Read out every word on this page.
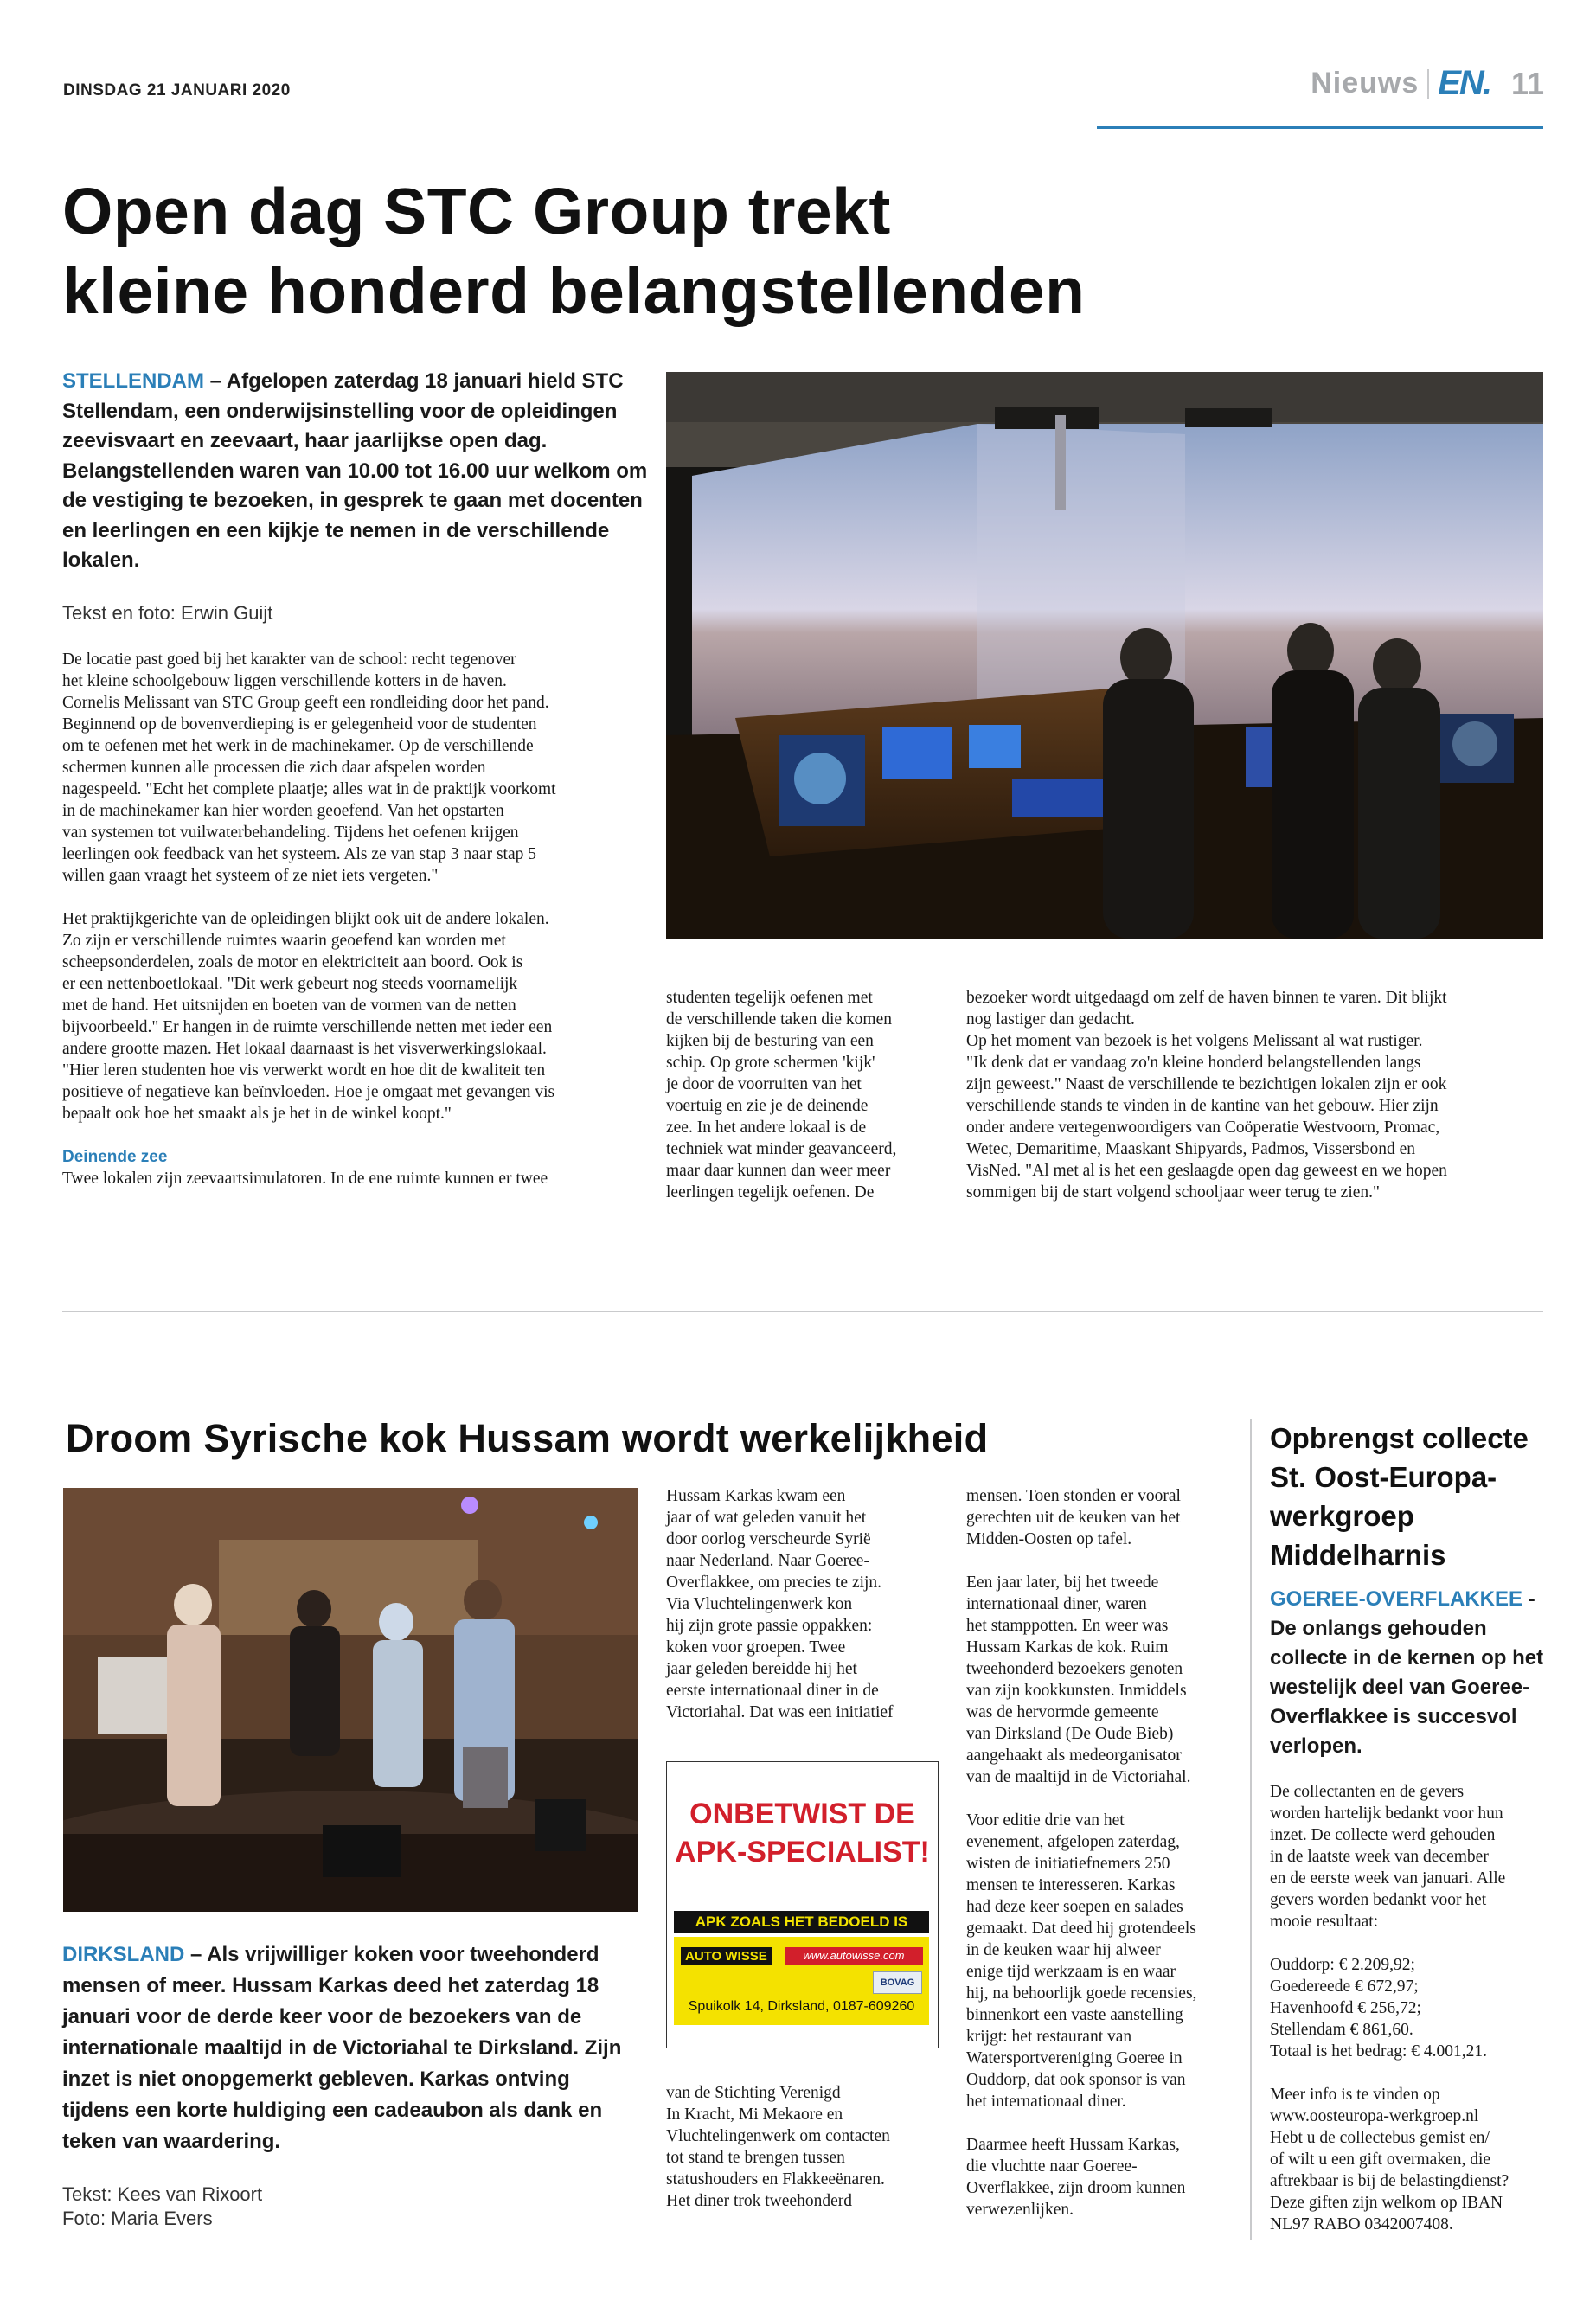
DINSDAG 21 JANUARI 2020	Nieuws EN. 11
Open dag STC Group trekt
kleine honderd belangstellenden
STELLENDAM – Afgelopen zaterdag 18 januari hield STC Stellendam, een onderwijsinstelling voor de opleidingen zeevisvaart en zeevaart, haar jaarlijkse open dag. Belangstellenden waren van 10.00 tot 16.00 uur welkom om de vestiging te bezoeken, in gesprek te gaan met docenten en leerlingen en een kijkje te nemen in de verschillende lokalen.
Tekst en foto: Erwin Guijt

De locatie past goed bij het karakter van de school: recht tegenover
het kleine schoolgebouw liggen verschillende kotters in de haven.
Cornelis Melissant van STC Group geeft een rondleiding door het pand.
Beginnend op de bovenverdieping is er gelegenheid voor de studenten
om te oefenen met het werk in de machinekamer. Op de verschillende
schermen kunnen alle processen die zich daar afspelen worden
nagespeeld. "Echt het complete plaatje; alles wat in de praktijk voorkomt
in de machinekamer kan hier worden geoefend. Van het opstarten
van systemen tot vuilwaterbehandeling. Tijdens het oefenen krijgen
leerlingen ook feedback van het systeem. Als ze van stap 3 naar stap 5
willen gaan vraagt het systeem of ze niet iets vergeten."

Het praktijkgerichte van de opleidingen blijkt ook uit de andere lokalen.
Zo zijn er verschillende ruimtes waarin geoefend kan worden met
scheepsonderdelen, zoals de motor en elektriciteit aan boord. Ook is
er een nettenboetlokaal. "Dit werk gebeurt nog steeds voornamelijk
met de hand. Het uitsnijden en boeten van de vormen van de netten
bijvoorbeeld." Er hangen in de ruimte verschillende netten met ieder een
andere grootte mazen. Het lokaal daarnaast is het visverwerkingslokaal.
"Hier leren studenten hoe vis verwerkt wordt en hoe dit de kwaliteit ten
positieve of negatieve kan beïnvloeden. Hoe je omgaat met gevangen vis
bepaalt ook hoe het smaakt als je het in de winkel koopt."

Deinende zee
Twee lokalen zijn zeevaartsimulatoren. In de ene ruimte kunnen er twee
studenten tegelijk oefenen met
de verschillende taken die komen
kijken bij de besturing van een
schip. Op grote schermen 'kijk'
je door de voorruiten van het
voertuig en zie je de deinende
zee. In het andere lokaal is de
techniek wat minder geavanceerd,
maar daar kunnen dan weer meer
leerlingen tegelijk oefenen. De

bezoeker wordt uitgedaagd om zelf de haven binnen te varen. Dit blijkt
nog lastiger dan gedacht.
Op het moment van bezoek is het volgens Melissant al wat rustiger.
"Ik denk dat er vandaag zo'n kleine honderd belangstellenden langs
zijn geweest." Naast de verschillende te bezichtigen lokalen zijn er ook
verschillende stands te vinden in de kantine van het gebouw. Hier zijn
onder andere vertegenwoordigers van Coöperatie Westvoorn, Promac,
Wetec, Demaritime, Maaskant Shipyards, Padmos, Vissersbond en
VisNed. "Al met al is het een geslaagde open dag geweest en we hopen
sommigen bij de start volgend schooljaar weer terug te zien."

Droom Syrische kok Hussam wordt werkelijkheid
DIRKSLAND – Als vrijwilliger koken voor tweehonderd mensen of meer. Hussam Karkas deed het zaterdag 18 januari voor de derde keer voor de bezoekers van de internationale maaltijd in de Victoriahal te Dirksland. Zijn inzet is niet onopgemerkt gebleven. Karkas ontving tijdens een korte huldiging een cadeaubon als dank en teken van waardering.
Tekst: Kees van Rixoort
Foto: Maria Evers
Hussam Karkas kwam een
jaar of wat geleden vanuit het
door oorlog verscheurde Syrië
naar Nederland. Naar Goeree-
Overflakkee, om precies te zijn.
Via Vluchtelingenwerk kon
hij zijn grote passie oppakken:
koken voor groepen. Twee
jaar geleden bereidde hij het
eerste internationaal diner in de
Victoriahal. Dat was een initiatief
ONBETWIST DE
APK-SPECIALIST!
APK ZOALS HET BEDOELD IS
AUTO WISSE	www.autowisse.com
BOVAG
Spuikolk 14, Dirksland, 0187-609260
van de Stichting Verenigd
In Kracht, Mi Mekaore en
Vluchtelingenwerk om contacten
tot stand te brengen tussen
statushouders en Flakkeeënaren.
Het diner trok tweehonderd

mensen. Toen stonden er vooral
gerechten uit de keuken van het
Midden-Oosten op tafel.

Een jaar later, bij het tweede
internationaal diner, waren
het stamppotten. En weer was
Hussam Karkas de kok. Ruim
tweehonderd bezoekers genoten
van zijn kookkunsten. Inmiddels
was de hervormde gemeente
van Dirksland (De Oude Bieb)
aangehaakt als medeorganisator
van de maaltijd in de Victoriahal.

Voor editie drie van het
evenement, afgelopen zaterdag,
wisten de initiatiefnemers 250
mensen te interesseren. Karkas
had deze keer soepen en salades
gemaakt. Dat deed hij grotendeels
in de keuken waar hij alweer
enige tijd werkzaam is en waar
hij, na behoorlijk goede recensies,
binnenkort een vaste aanstelling
krijgt: het restaurant van
Watersportvereniging Goeree in
Ouddorp, dat ook sponsor is van
het internationaal diner.

Daarmee heeft Hussam Karkas,
die vluchtte naar Goeree-
Overflakkee, zijn droom kunnen
verwezenlijken.

Opbrengst collecte
St. Oost-Europa-
werkgroep
Middelharnis
GOEREE-OVERFLAKKEE - De onlangs gehouden collecte in de kernen op het westelijk deel van Goeree-Overflakkee is succesvol verlopen.

De collectanten en de gevers
worden hartelijk bedankt voor hun
inzet. De collecte werd gehouden
in de laatste week van december
en de eerste week van januari. Alle
gevers worden bedankt voor het
mooie resultaat:

Ouddorp: € 2.209,92;
Goedereede € 672,97;
Havenhoofd € 256,72;
Stellendam € 861,60.
Totaal is het bedrag: € 4.001,21.

Meer info is te vinden op
www.oosteuropa-werkgroep.nl
Hebt u de collectebus gemist en/
of wilt u een gift overmaken, die
aftrekbaar is bij de belastingdienst?
Deze giften zijn welkom op IBAN
NL97 RABO 0342007408.
